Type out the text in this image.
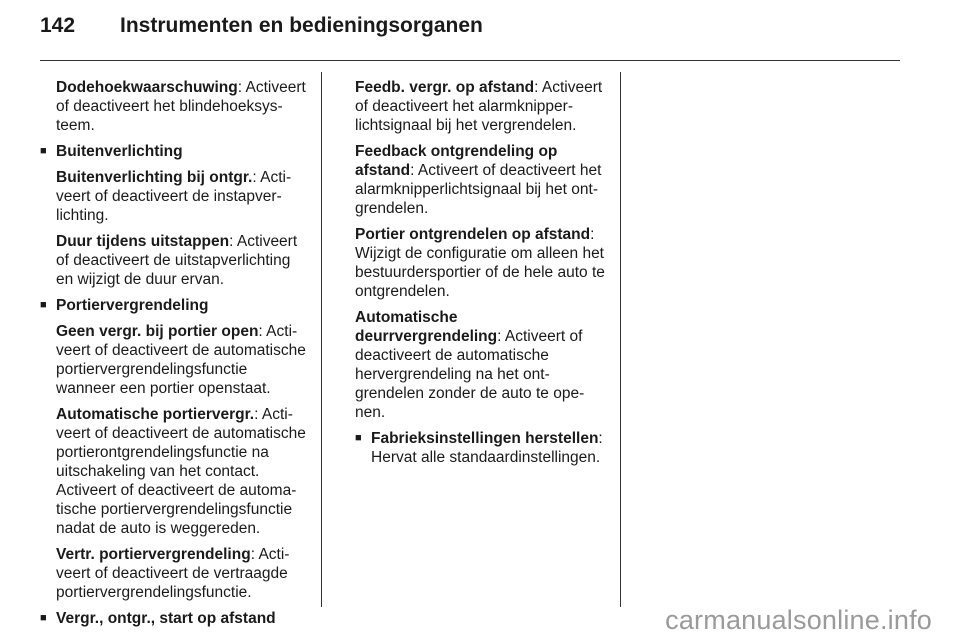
142	Instrumenten en bedieningsorganen

Dodehoekwaarschuwing: Activeert of deactiveert het blindehoeksysteem.

■ Buitenverlichting

Buitenverlichting bij ontgr.: Activeert of deactiveert de instapverlichting.

Duur tijdens uitstappen: Activeert of deactiveert de uitstapverlichting en wijzigt de duur ervan.

■ Portiervergrendeling

Geen vergr. bij portier open: Activeert of deactiveert de automatische portiervergrendelingsfunctie wanneer een portier openstaat.

Automatische portiervergr.: Activeert of deactiveert de automatische portierontgrendelingsfunctie na uitschakeling van het contact. Activeert of deactiveert de automatische portiervergrendelingsfunctie nadat de auto is weggereden.

Vertr. portiervergrendeling: Activeert of deactiveert de vertraagde portiervergrendelingsfunctie.

■ Vergr., ontgr., start op afstand

Feedb. vergr. op afstand: Activeert of deactiveert het alarmknipperlichtsignaal bij het vergrendelen.

Feedback ontgrendeling op afstand: Activeert of deactiveert het alarmknipperlichtsignaal bij het ontgrendelen.

Portier ontgrendelen op afstand: Wijzigt de configuratie om alleen het bestuurdersportier of de hele auto te ontgrendelen.

Automatische deurrvergrendeling: Activeert of deactiveert de automatische hervergrendeling na het ontgrendelen zonder de auto te openen.

■ Fabrieksinstellingen herstellen: Hervat alle standaardinstellingen.

carmanualsonline.info
